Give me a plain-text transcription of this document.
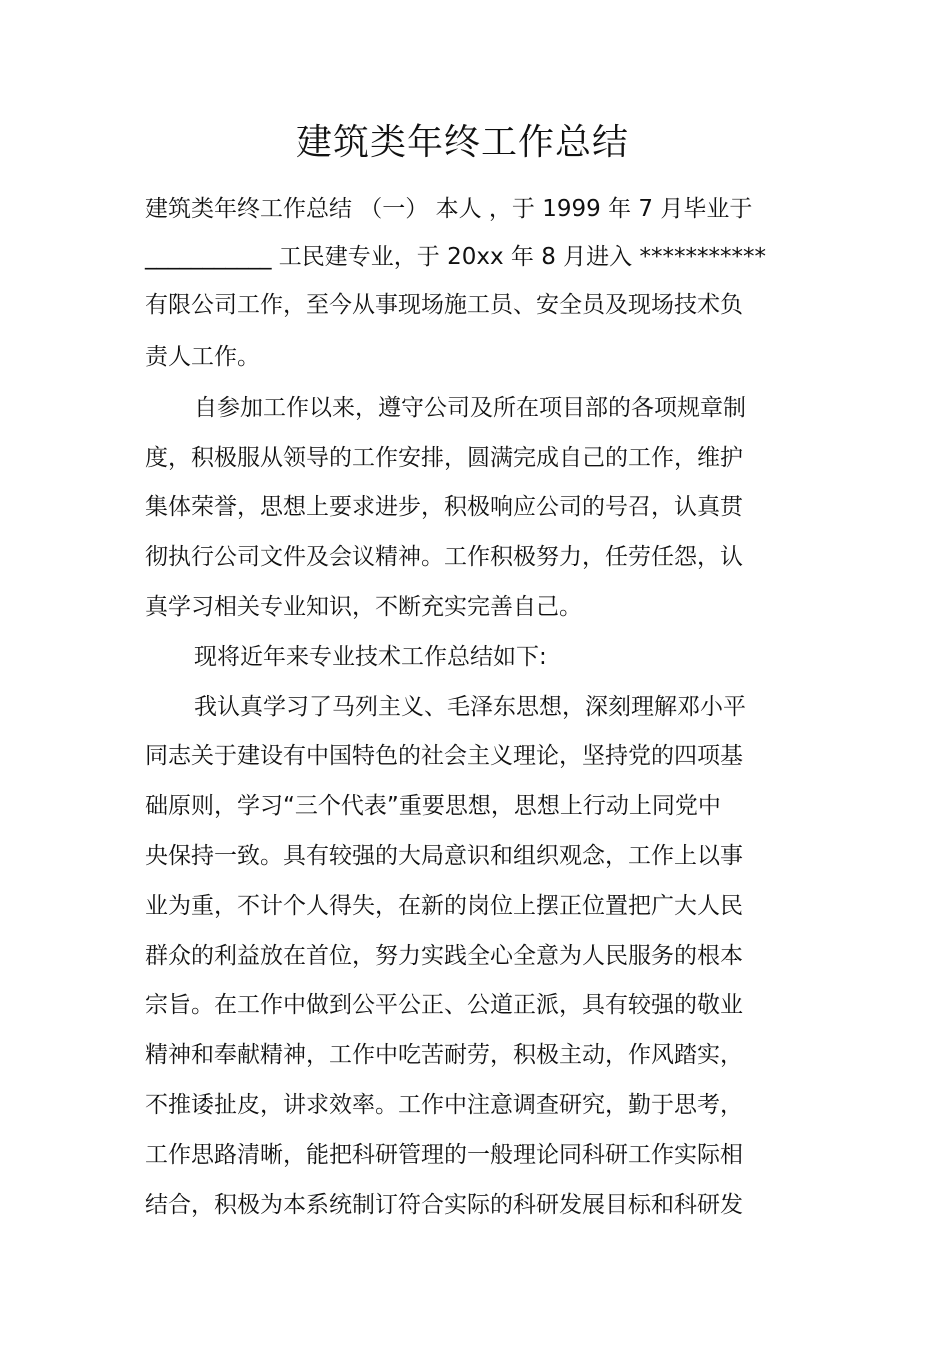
建筑类年终工作总结
建筑类年终工作总结 （一） 本人 ，于 1999 年 7 月毕业于
___________ 工民建专业，于 20xx 年 8 月进入 ***********
有限公司工作，至今从事现场施工员、安全员及现场技术负
责人工作。
自参加工作以来，遵守公司及所在项目部的各项规章制
度，积极服从领导的工作安排，圆满完成自己的工作，维护
集体荣誉，思想上要求进步，积极响应公司的号召，认真贯
彻执行公司文件及会议精神。工作积极努力，任劳任怨，认
真学习相关专业知识，不断充实完善自己。
现将近年来专业技术工作总结如下:
我认真学习了马列主义、毛泽东思想，深刻理解邓小平
同志关于建设有中国特色的社会主义理论，坚持党的四项基
础原则，学习“三个代表”重要思想，思想上行动上同党中
央保持一致。具有较强的大局意识和组织观念，工作上以事
业为重，不计个人得失，在新的岗位上摆正位置把广大人民
群众的利益放在首位，努力实践全心全意为人民服务的根本
宗旨。在工作中做到公平公正、公道正派，具有较强的敬业
精神和奉献精神，工作中吃苦耐劳，积极主动，作风踏实，
不推诿扯皮，讲求效率。工作中注意调查研究，勤于思考，
工作思路清晰，能把科研管理的一般理论同科研工作实际相
结合，积极为本系统制订符合实际的科研发展目标和科研发
